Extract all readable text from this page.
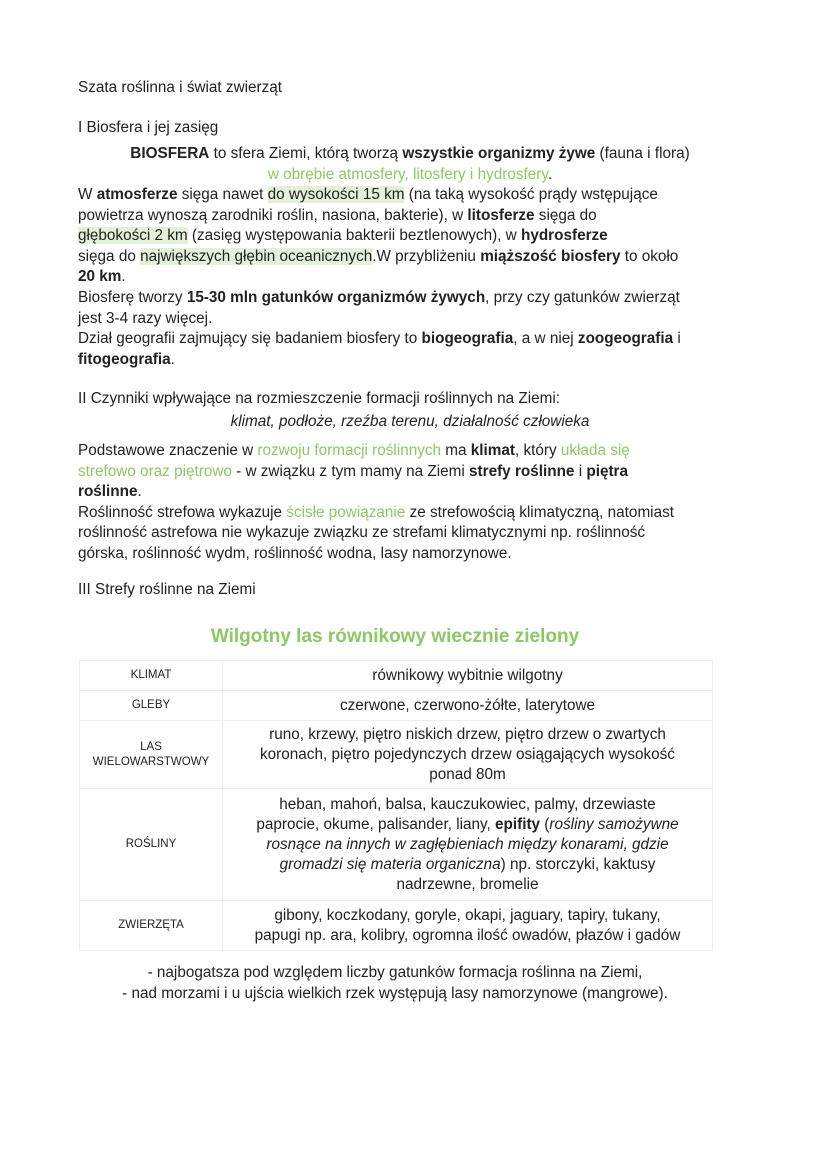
Szata roślinna i świat zwierząt
I Biosfera i jej zasięg
BIOSFERA to sfera Ziemi, którą tworzą wszystkie organizmy żywe (fauna i flora)
w obrębie atmosfery, litosfery i hydrosfery.
W atmosferze sięga nawet do wysokości 15 km (na taką wysokość prądy wstępujące
powietrza wynoszą zarodniki roślin, nasiona, bakterie), w litosferze sięga do
głębokości 2 km (zasięg występowania bakterii beztlenowych), w hydrosferze
sięga do największych głębin oceanicznych.W przybliżeniu miąższość biosfery to około
20 km.
Biosferę tworzy 15-30 mln gatunków organizmów żywych, przy czy gatunków zwierząt
jest 3-4 razy więcej.
Dział geografii zajmujący się badaniem biosfery to biogeografia, a w niej zoogeografia i
fitogeografia.
II Czynniki wpływające na rozmieszczenie formacji roślinnych na Ziemi:
klimat, podłoże, rzeźba terenu, działalność człowieka
Podstawowe znaczenie w rozwoju formacji roślinnych ma klimat, który układa się
strefowo oraz piętrowo - w związku z tym mamy na Ziemi strefy roślinne i piętra
roślinne.
Roślinność strefowa wykazuje ścisłe powiązanie ze strefowością klimatyczną, natomiast
roślinność astrefowa nie wykazuje związku ze strefami klimatycznymi np. roślinność
górska, roślinność wydm, roślinność wodna, lasy namorzynowe.
III Strefy roślinne na Ziemi
Wilgotny las równikowy wiecznie zielony
KLIMAT	równikowy wybitnie wilgotny

GLEBY	czerwone, czerwono-żółte, laterytowe

LAS WIELOWARSTWOWY	runo, krzewy, piętro niskich drzew, piętro drzew o zwartych
koronach, piętro pojedynczych drzew osiągających wysokość
ponad 80m

ROŚLINY	heban, mahoń, balsa, kauczukowiec, palmy, drzewiaste
paprocie, okume, palisander, liany, epifity (rośliny samożywne
rosnące na innych w zagłębieniach między konarami, gdzie
gromadzi się materia organiczna) np. storczyki, kaktusy
nadrzewne, bromelie

ZWIERZĘTA	gibony, koczkodany, goryle, okapi, jaguary, tapiry, tukany,
papugi np. ara, kolibry, ogromna ilość owadów, płazów i gadów
- najbogatsza pod względem liczby gatunków formacja roślinna na Ziemi,
- nad morzami i u ujścia wielkich rzek występują lasy namorzynowe (mangrowe).
